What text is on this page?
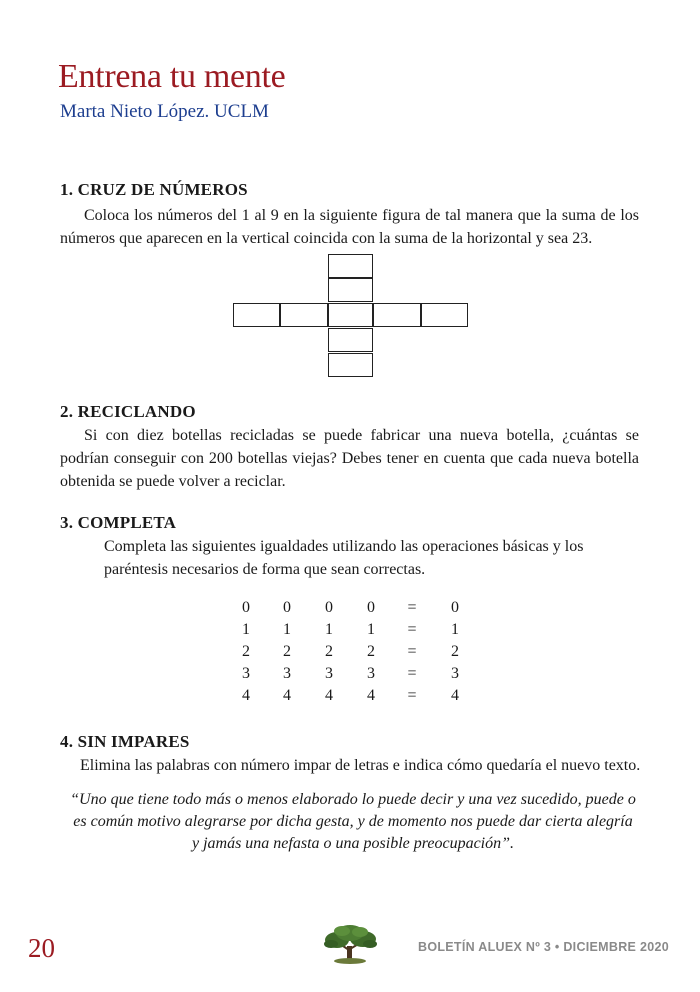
Entrena tu mente
Marta Nieto López. UCLM
1. CRUZ DE NÚMEROS

Coloca los números del 1 al 9 en la siguiente figura de tal manera que la suma de los números que aparecen en la vertical coincida con la suma de la horizontal y sea 23.

2. RECICLANDO

Si con diez botellas recicladas se puede fabricar una nueva botella, ¿cuántas se podrían conseguir con 200 botellas viejas? Debes tener en cuenta que cada nueva botella obtenida se puede volver a reciclar.

3. COMPLETA

Completa las siguientes igualdades utilizando las operaciones básicas y los paréntesis necesarios de forma que sean correctas.

0	0	0	0	=	0
1	1	1	1	=	1
2	2	2	2	=	2
3	3	3	3	=	3
4	4	4	4	=	4
4. SIN IMPARES

Elimina las palabras con número impar de letras e indica cómo quedaría el nuevo texto.

“Uno que tiene todo más o menos elaborado lo puede decir y una vez sucedido, puede o es común motivo alegrarse por dicha gesta, y de momento nos puede dar cierta alegría y jamás una nefasta o una posible preocupación”.

20	BOLETÍN ALUEX Nº 3 • DICIEMBRE 2020
